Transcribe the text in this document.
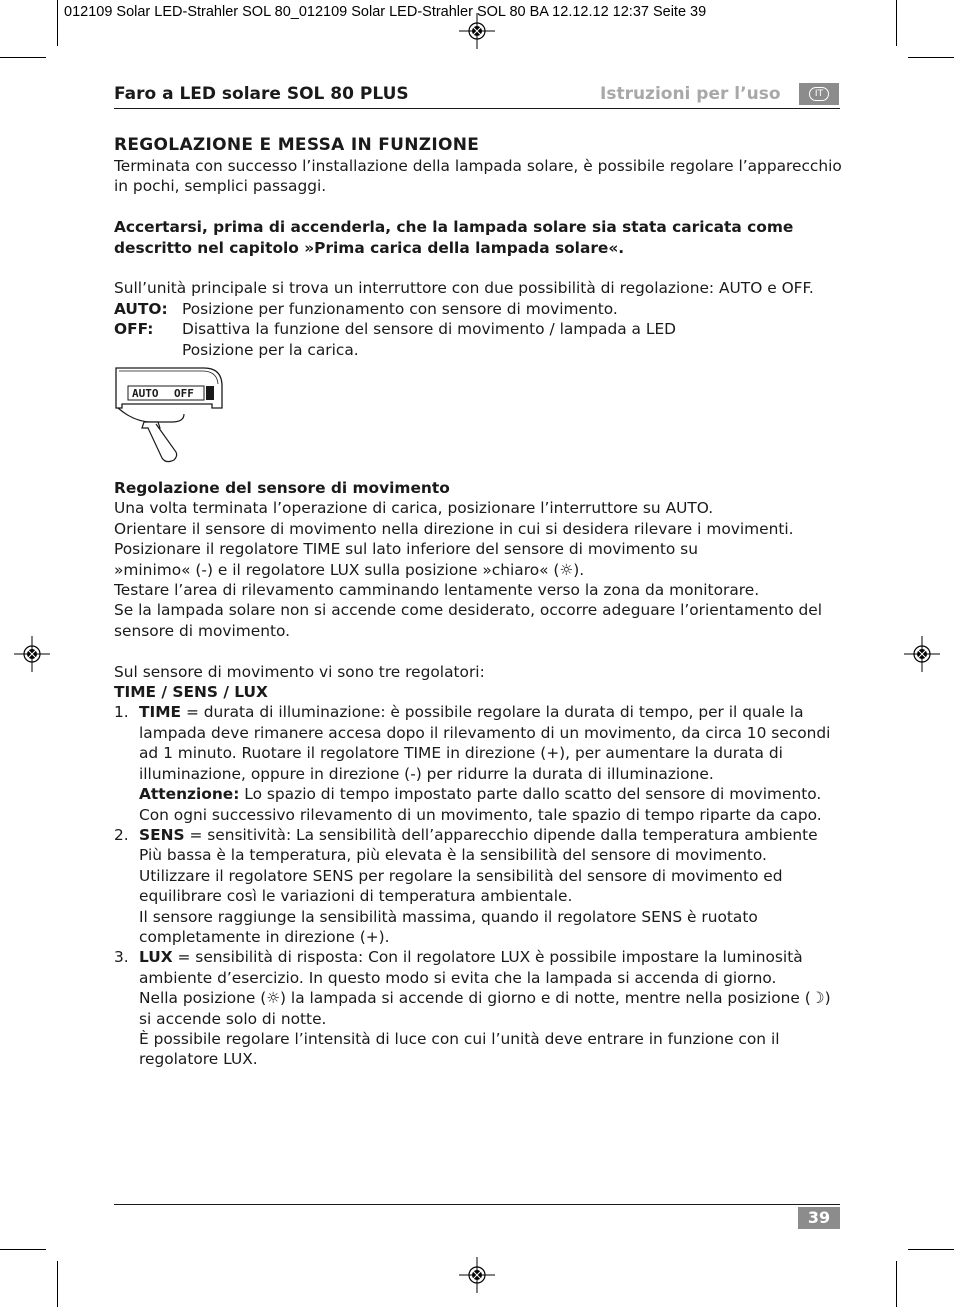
012109 Solar LED-Strahler SOL 80_012109 Solar LED-Strahler SOL 80 BA 12.12.12 12:37 Seite 39
Faro a LED solare SOL 80 PLUS	Istruzioni per l’uso	IT

REGOLAZIONE E MESSA IN FUNZIONE

Terminata con successo l’installazione della lampada solare, è possibile regolare l’apparecchio in pochi, semplici passaggi.

Accertarsi, prima di accenderla, che la lampada solare sia stata caricata come descritto nel capitolo »Prima carica della lampada solare«.

Sull’unità principale si trova un interruttore con due possibilità di regolazione: AUTO e OFF.

AUTO: Posizione per funzionamento con sensore di movimento.
OFF:	Disattiva la funzione del sensore di movimento / lampada a LED
Posizione per la carica.
AUTO OFF

Regolazione del sensore di movimento

Una volta terminata l’operazione di carica, posizionare l’interruttore su AUTO.

Orientare il sensore di movimento nella direzione in cui si desidera rilevare i movimenti.

Posizionare il regolatore TIME sul lato inferiore del sensore di movimento su

»minimo« (-) e il regolatore LUX sulla posizione »chiaro« (☼).

Testare l’area di rilevamento camminando lentamente verso la zona da monitorare.

Se la lampada solare non si accende come desiderato, occorre adeguare l’orientamento del sensore di movimento.

Sul sensore di movimento vi sono tre regolatori:

TIME / SENS / LUX

1. TIME = durata di illuminazione: è possibile regolare la durata di tempo, per il quale la lampada deve rimanere accesa dopo il rilevamento di un movimento, da circa 10 secondi ad 1 minuto. Ruotare il regolatore TIME in direzione (+), per aumentare la durata di illuminazione, oppure in direzione (-) per ridurre la durata di illuminazione.

Attenzione: Lo spazio di tempo impostato parte dallo scatto del sensore di movimento. Con ogni successivo rilevamento di un movimento, tale spazio di tempo riparte da capo.

2. SENS = sensitività: La sensibilità dell’apparecchio dipende dalla temperatura ambiente

Più bassa è la temperatura, più elevata è la sensibilità del sensore di movimento.

Utilizzare il regolatore SENS per regolare la sensibilità del sensore di movimento ed equilibrare così le variazioni di temperatura ambientale.

Il sensore raggiunge la sensibilità massima, quando il regolatore SENS è ruotato completamente in direzione (+).

3. LUX = sensibilità di risposta: Con il regolatore LUX è possibile impostare la luminosità ambiente d’esercizio. In questo modo si evita che la lampada si accenda di giorno.

Nella posizione (☼) la lampada si accende di giorno e di notte, mentre nella posizione (☽) si accende solo di notte.

È possibile regolare l’intensità di luce con cui l’unità deve entrare in funzione con il regolatore LUX.

39
